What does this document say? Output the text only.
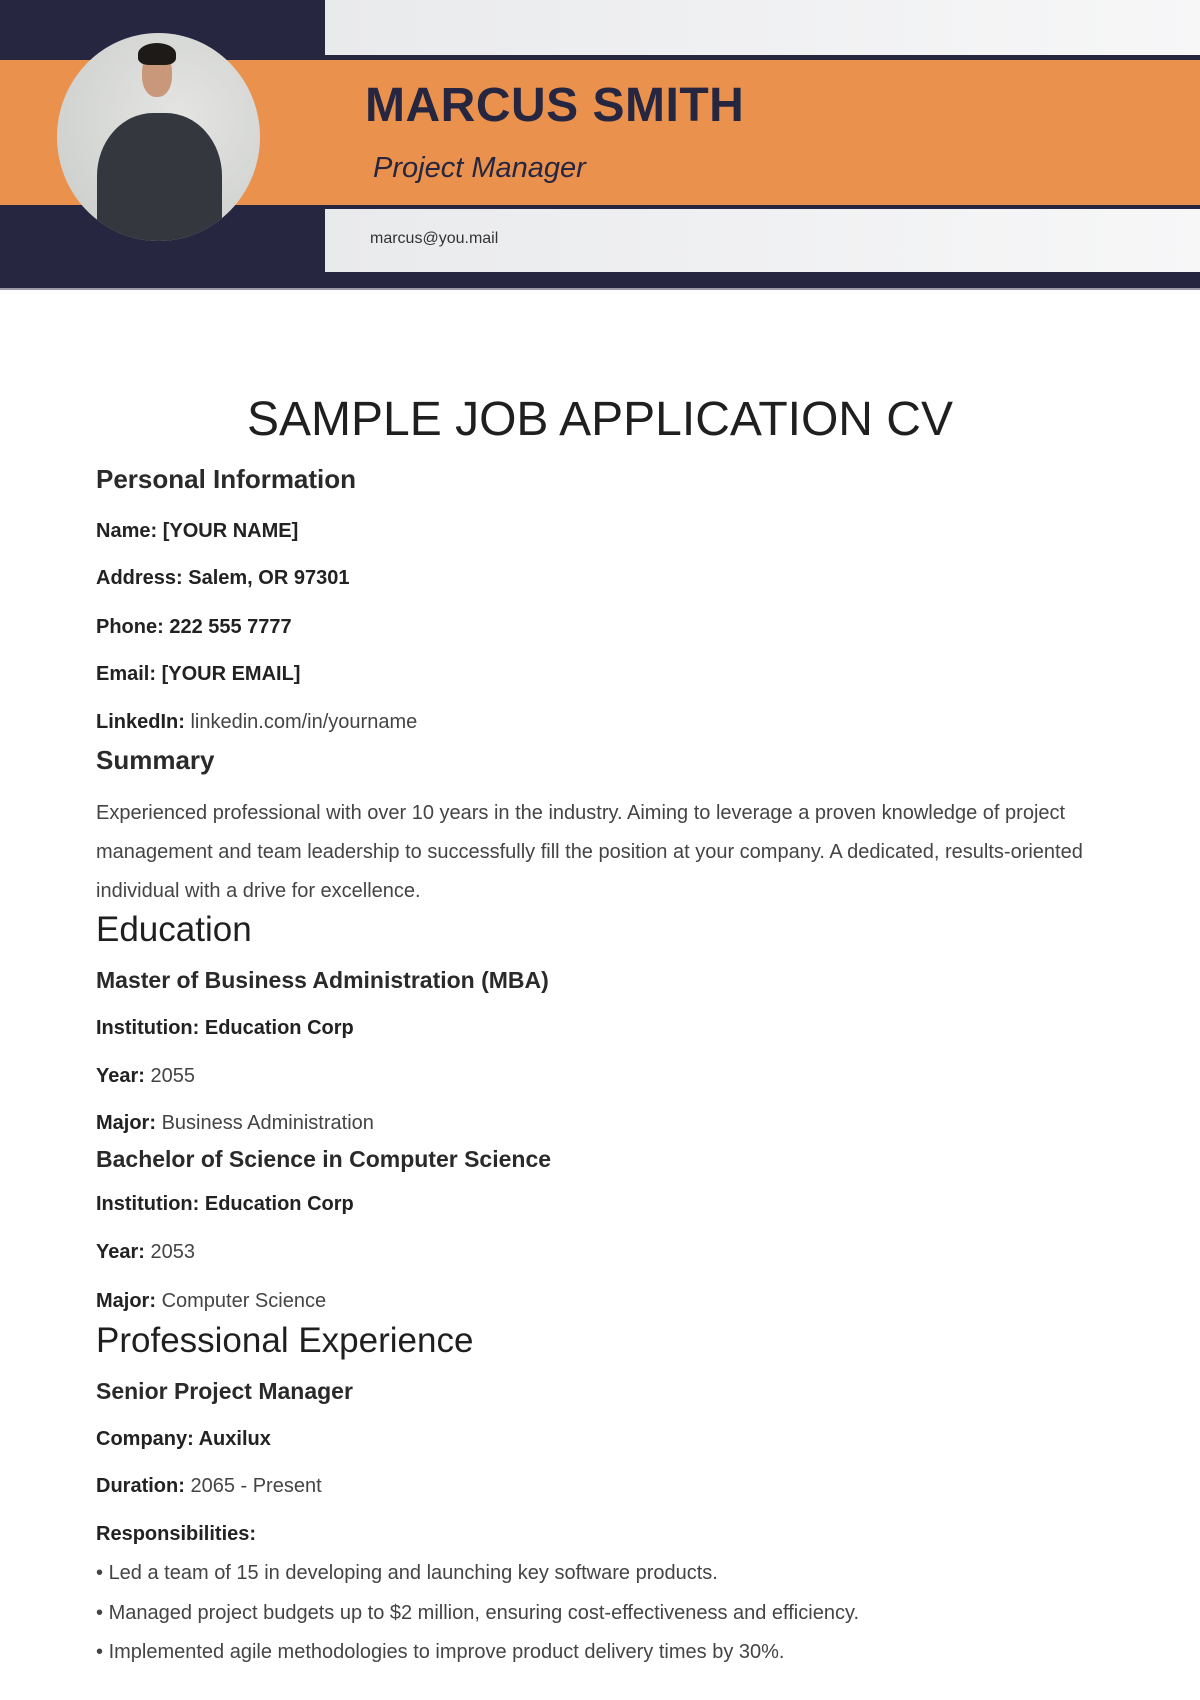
MARCUS SMITH
Project Manager
marcus@you.mail
SAMPLE JOB APPLICATION CV
Personal Information
Name: [YOUR NAME]
Address: Salem, OR 97301
Phone: 222 555 7777
Email: [YOUR EMAIL]
LinkedIn: linkedin.com/in/yourname
Summary
Experienced professional with over 10 years in the industry. Aiming to leverage a proven knowledge of project management and team leadership to successfully fill the position at your company. A dedicated, results-oriented individual with a drive for excellence.
Education
Master of Business Administration (MBA)
Institution: Education Corp
Year: 2055
Major: Business Administration
Bachelor of Science in Computer Science
Institution: Education Corp
Year: 2053
Major: Computer Science
Professional Experience
Senior Project Manager
Company: Auxilux
Duration: 2065 - Present
Responsibilities:
• Led a team of 15 in developing and launching key software products.
• Managed project budgets up to $2 million, ensuring cost-effectiveness and efficiency.
• Implemented agile methodologies to improve product delivery times by 30%.
